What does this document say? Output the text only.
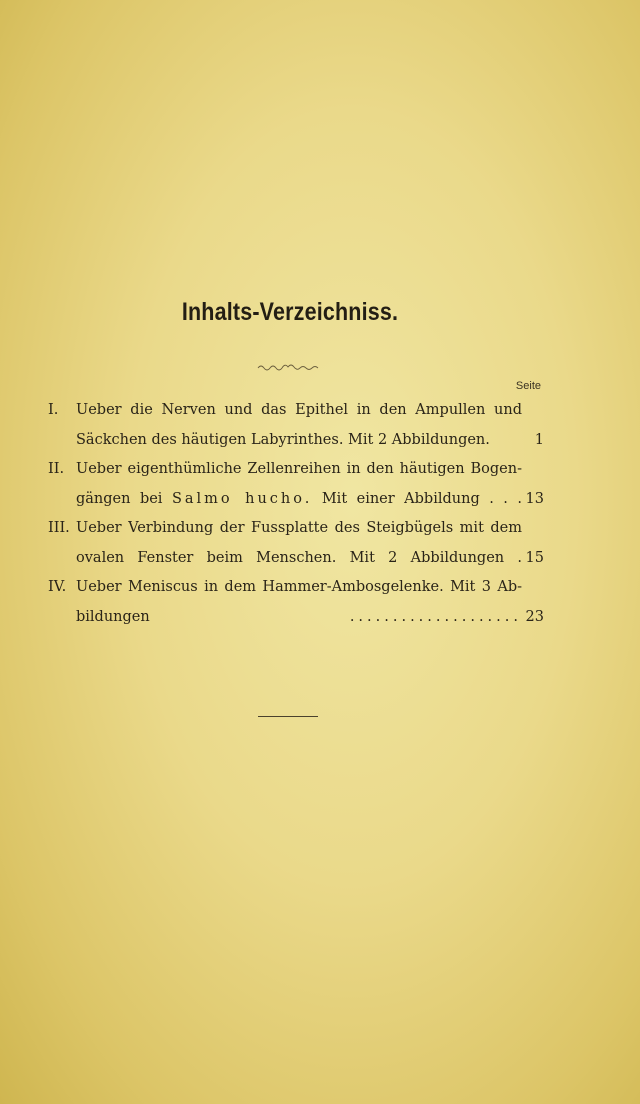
Inhalts-Verzeichniss.
Seite
I.	Ueber die Nerven und das Epithel in den Ampullen und
Säckchen des häutigen Labyrinthes. Mit 2 Abbildungen.	1
II. Ueber eigenthümliche Zellenreihen in den häutigen Bogen-
gängen bei Salmo hucho. Mit einer Abbildung . . . 13
III. Ueber Verbindung der Fussplatte des Steigbügels mit dem
ovalen Fenster beim Menschen. Mit 2 Abbildungen . 15
IV. Ueber Meniscus in dem Hammer-Ambosgelenke. Mit 3 Ab-
bildungen	.................... 23
